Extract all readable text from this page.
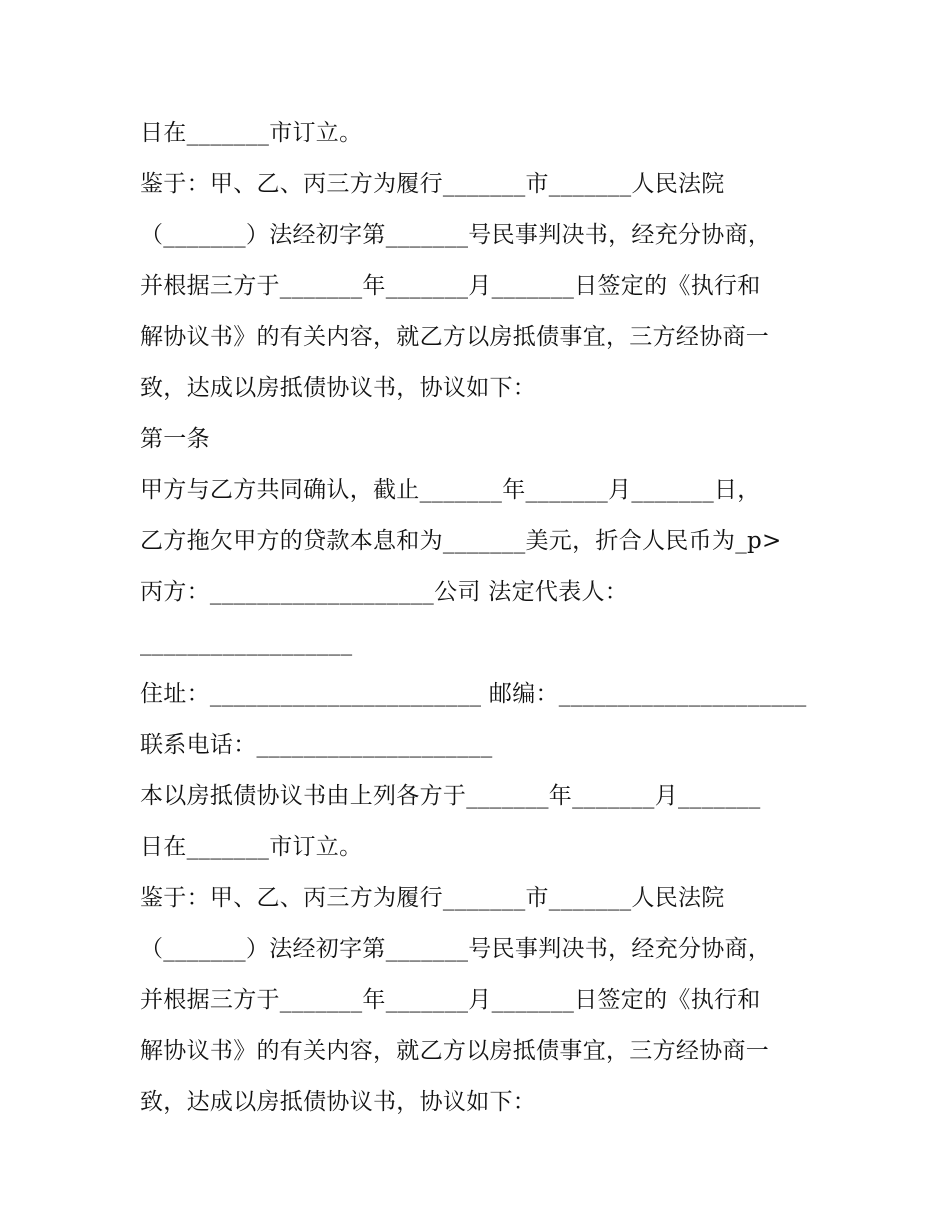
日在_______市订立。
鉴于：甲、乙、丙三方为履行_______市_______人民法院
（_______）法经初字第_______号民事判决书，经充分协商，
并根据三方于_______年_______月_______日签定的《执行和
解协议书》的有关内容，就乙方以房抵债事宜，三方经协商一
致，达成以房抵债协议书，协议如下：
第一条
甲方与乙方共同确认，截止_______年_______月_______日，
乙方拖欠甲方的贷款本息和为_______美元，折合人民币为_p>
丙方：___________________公司 法定代表人：
__________________
住址：_______________________ 邮编：_____________________
联系电话：____________________
本以房抵债协议书由上列各方于_______年_______月_______
日在_______市订立。
鉴于：甲、乙、丙三方为履行_______市_______人民法院
（_______）法经初字第_______号民事判决书，经充分协商，
并根据三方于_______年_______月_______日签定的《执行和
解协议书》的有关内容，就乙方以房抵债事宜，三方经协商一
致，达成以房抵债协议书，协议如下：
